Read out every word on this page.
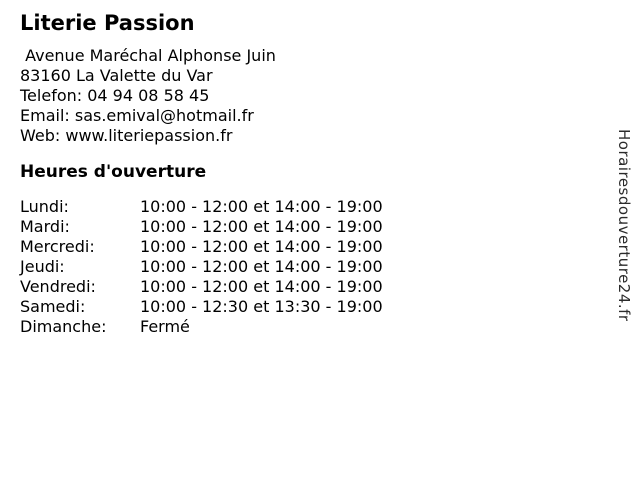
Literie Passion
Avenue Maréchal Alphonse Juin
83160 La Valette du Var
Telefon: 04 94 08 58 45
Email: sas.emival@hotmail.fr
Web: www.literiepassion.fr
Heures d'ouverture
Lundi:	10:00 - 12:00 et 14:00 - 19:00
Mardi:	10:00 - 12:00 et 14:00 - 19:00
Mercredi:	10:00 - 12:00 et 14:00 - 19:00
Jeudi:	10:00 - 12:00 et 14:00 - 19:00
Vendredi:	10:00 - 12:00 et 14:00 - 19:00
Samedi:	10:00 - 12:30 et 13:30 - 19:00
Dimanche:	Fermé
Horairesdouverture24.fr
